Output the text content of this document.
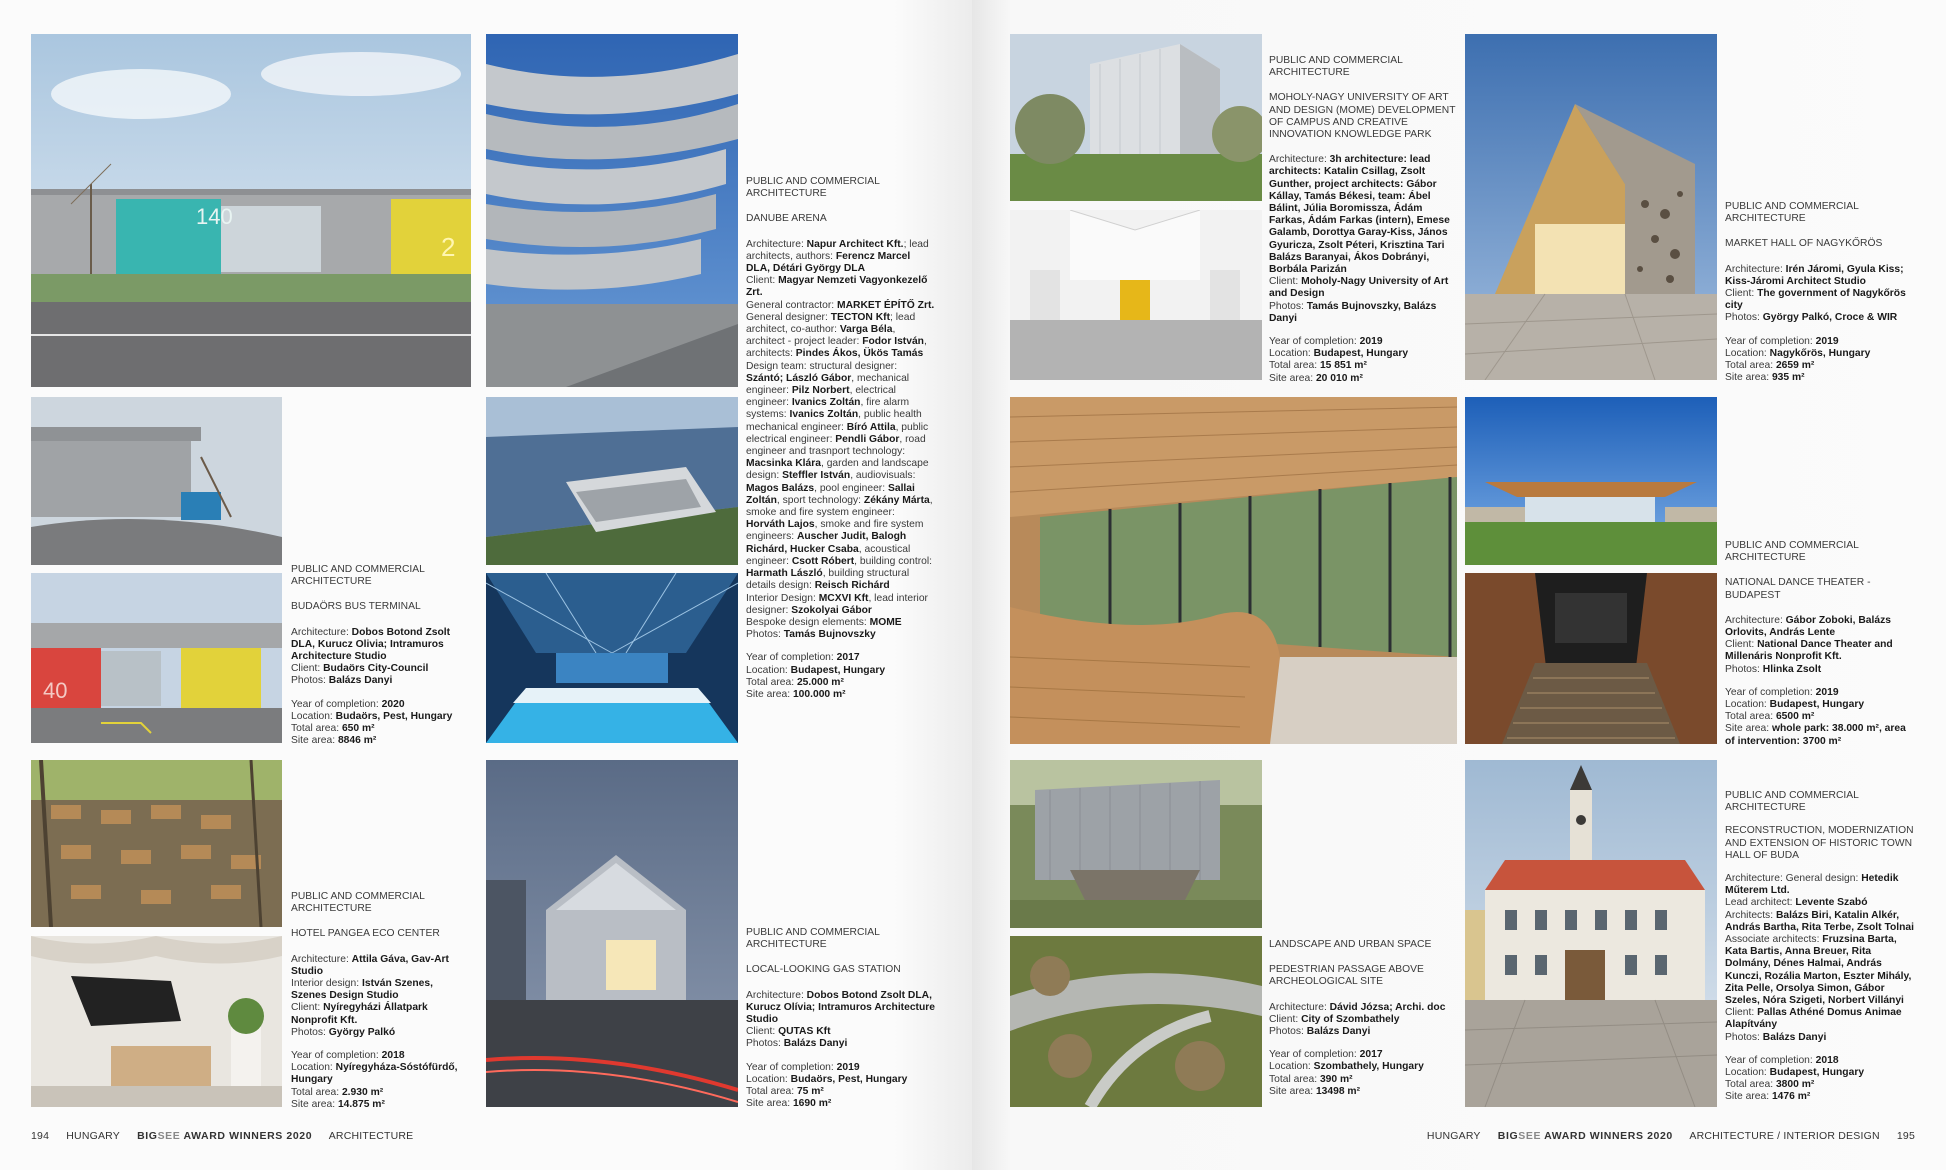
140
2
40
PUBLIC AND COMMERCIAL ARCHITECTURE
BUDAÖRS BUS TERMINAL

Architecture: Dobos Botond Zsolt DLA, Kurucz Olivia; Intramuros Architecture Studio

Client: Budaörs City-Council

Photos: Balázs Danyi

Year of completion: 2020

Location: Budaörs, Pest, Hungary

Total area: 650 m²

Site area: 8846 m²

PUBLIC AND COMMERCIAL ARCHITECTURE
DANUBE ARENA

Architecture: Napur Architect Kft.; lead architects, authors: Ferencz Marcel DLA, Détári György DLA

Client: Magyar Nemzeti Vagyonkezelő Zrt.

General contractor: MARKET ÉPÍTŐ Zrt.

General designer: TECTON Kft; lead architect, co-author: Varga Béla, architect - project leader: Fodor István, architects: Pindes Ákos, Ükös Tamás

Design team: structural designer: Szántó; László Gábor, mechanical engineer: Pilz Norbert, electrical engineer: Ivanics Zoltán, fire alarm systems: Ivanics Zoltán, public health mechanical engineer: Bíró Attila, public electrical engineer: Pendli Gábor, road engineer and trasnport technology: Macsinka Klára, garden and landscape design: Steffler István, audiovisuals: Magos Balázs, pool engineer: Sallai Zoltán, sport technology: Zékány Márta, smoke and fire system engineer: Horváth Lajos, smoke and fire system engineers: Auscher Judit, Balogh Richárd, Hucker Csaba, acoustical engineer: Csott Róbert, building control: Harmath László, building structural details design: Reisch Richárd

Interior Design: MCXVI Kft, lead interior designer: Szokolyai Gábor

Bespoke design elements: MOME

Photos: Tamás Bujnovszky

Year of completion: 2017

Location: Budapest, Hungary

Total area: 25.000 m²

Site area: 100.000 m²

PUBLIC AND COMMERCIAL ARCHITECTURE
HOTEL PANGEA ECO CENTER

Architecture: Attila Gáva, Gav-Art Studio

Interior design: István Szenes, Szenes Design Studio

Client: Nyíregyházi Állatpark Nonprofit Kft.

Photos: György Palkó

Year of completion: 2018

Location: Nyíregyháza-Sóstófürdő, Hungary

Total area: 2.930 m²

Site area: 14.875 m²

PUBLIC AND COMMERCIAL ARCHITECTURE
LOCAL-LOOKING GAS STATION

Architecture: Dobos Botond Zsolt DLA, Kurucz Olívia; Intramuros Architecture Studio

Client: QUTAS Kft

Photos: Balázs Danyi

Year of completion: 2019

Location: Budaörs, Pest, Hungary

Total area: 75 m²

Site area: 1690 m²

194 HUNGARY BIGSEE AWARD WINNERS 2020 ARCHITECTURE
PUBLIC AND COMMERCIAL ARCHITECTURE
MOHOLY-NAGY UNIVERSITY OF ART AND DESIGN (MOME) DEVELOPMENT OF CAMPUS AND CREATIVE INNOVATION KNOWLEDGE PARK

Architecture: 3h architecture: lead architects: Katalin Csillag, Zsolt Gunther, project architects: Gábor Kállay, Tamás Békesi, team: Ábel Bálint, Júlia Boromissza, Ádám Farkas, Ádám Farkas (intern), Emese Galamb, Dorottya Garay-Kiss, János Gyuricza, Zsolt Péteri, Krisztina Tari Balázs Baranyai, Ákos Dobrányi, Borbála Parizán

Client: Moholy-Nagy University of Art and Design

Photos: Tamás Bujnovszky, Balázs Danyi

Year of completion: 2019

Location: Budapest, Hungary

Total area: 15 851 m²

Site area: 20 010 m²

PUBLIC AND COMMERCIAL ARCHITECTURE
MARKET HALL OF NAGYKŐRÖS

Architecture: Irén Járomi, Gyula Kiss; Kiss-Járomi Architect Studio

Client: The government of Nagykőrös city

Photos: György Palkó, Croce & WIR

Year of completion: 2019

Location: Nagykőrös, Hungary

Total area: 2659 m²

Site area: 935 m²

PUBLIC AND COMMERCIAL ARCHITECTURE
NATIONAL DANCE THEATER - BUDAPEST

Architecture: Gábor Zoboki, Balázs Orlovits, András Lente

Client: National Dance Theater and Millenáris Nonprofit Kft.

Photos: Hlinka Zsolt

Year of completion: 2019

Location: Budapest, Hungary

Total area: 6500 m²

Site area: whole park: 38.000 m², area of intervention: 3700 m²

LANDSCAPE AND URBAN SPACE
PEDESTRIAN PASSAGE ABOVE ARCHEOLOGICAL SITE

Architecture: Dávid Józsa; Archi. doc

Client: City of Szombathely

Photos: Balázs Danyi

Year of completion: 2017

Location: Szombathely, Hungary

Total area: 390 m²

Site area: 13498 m²

PUBLIC AND COMMERCIAL ARCHITECTURE
RECONSTRUCTION, MODERNIZATION AND EXTENSION OF HISTORIC TOWN HALL OF BUDA

Architecture: General design: Hetedik Műterem Ltd.

Lead architect: Levente Szabó

Architects: Balázs Biri, Katalin Alkér, András Bartha, Rita Terbe, Zsolt Tolnai

Associate architects: Fruzsina Barta, Kata Bartis, Anna Breuer, Rita Dolmány, Dénes Halmai, András Kunczi, Rozália Marton, Eszter Mihály, Zita Pelle, Orsolya Simon, Gábor Szeles, Nóra Szigeti, Norbert Villányi

Client: Pallas Athéné Domus Animae Alapítvány

Photos: Balázs Danyi

Year of completion: 2018

Location: Budapest, Hungary

Total area: 3800 m²

Site area: 1476 m²

HUNGARY BIGSEE AWARD WINNERS 2020 ARCHITECTURE / INTERIOR DESIGN 195
